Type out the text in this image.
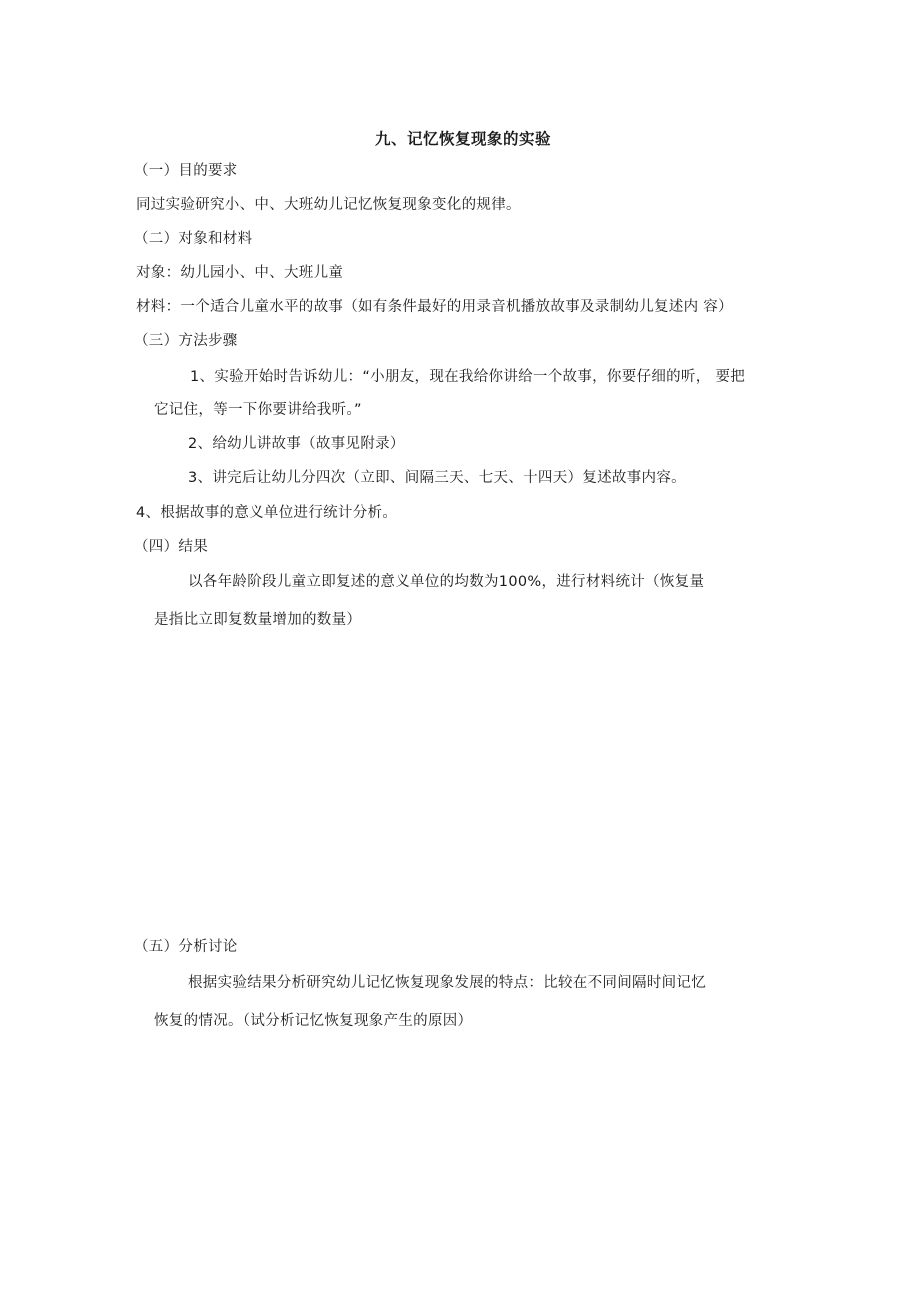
九、记忆恢复现象的实验
（一）目的要求
同过实验研究小、中、大班幼儿记忆恢复现象变化的规律。
（二）对象和材料
对象：幼儿园小、中、大班儿童
材料：一个适合儿童水平的故事（如有条件最好的用录音机播放故事及录制幼儿复述内 容）
（三）方法步骤
1、实验开始时告诉幼儿：“小朋友，现在我给你讲给一个故事，你要仔细的听， 要把
它记住，等一下你要讲给我听。”
2、给幼儿讲故事（故事见附录）
3、讲完后让幼儿分四次（立即、间隔三天、七天、十四天）复述故事内容。
4、根据故事的意义单位进行统计分析。
（四）结果
以各年龄阶段儿童立即复述的意义单位的均数为100%，进行材料统计（恢复量
是指比立即复数量增加的数量）
（五）分析讨论
根据实验结果分析研究幼儿记忆恢复现象发展的特点：比较在不同间隔时间记忆
恢复的情况。（试分析记忆恢复现象产生的原因）
